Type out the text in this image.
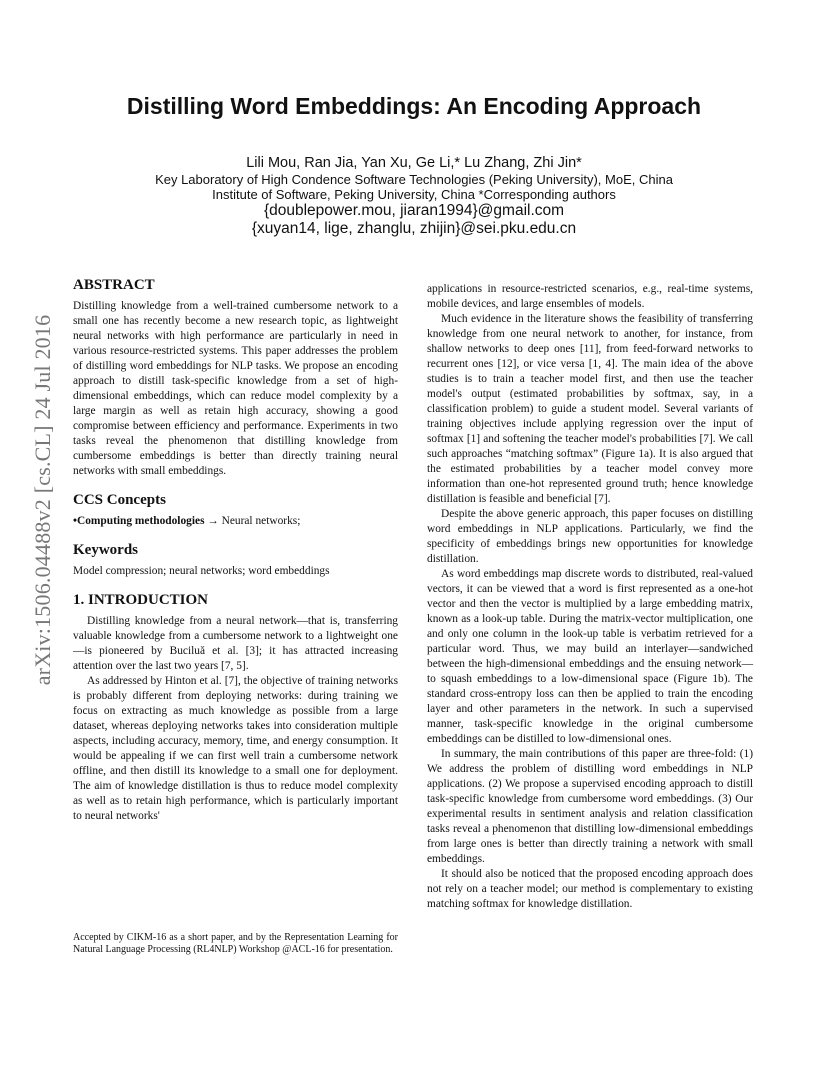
arXiv:1506.04488v2 [cs.CL] 24 Jul 2016
Distilling Word Embeddings: An Encoding Approach
Lili Mou, Ran Jia, Yan Xu, Ge Li,* Lu Zhang, Zhi Jin*
Key Laboratory of High Condence Software Technologies (Peking University), MoE, China
Institute of Software, Peking University, China *Corresponding authors
{doublepower.mou, jiaran1994}@gmail.com
{xuyan14, lige, zhanglu, zhijin}@sei.pku.edu.cn
ABSTRACT

Distilling knowledge from a well-trained cumbersome network to a small one has recently become a new research topic, as lightweight neural networks with high performance are particularly in need in various resource-restricted systems. This paper addresses the problem of distilling word embeddings for NLP tasks. We propose an encoding approach to distill task-specific knowledge from a set of high-dimensional embeddings, which can reduce model complexity by a large margin as well as retain high accuracy, showing a good compromise between efficiency and performance. Experiments in two tasks reveal the phenomenon that distilling knowledge from cumbersome embeddings is better than directly training neural networks with small embeddings.

CCS Concepts

•Computing methodologies → Neural networks;

Keywords

Model compression; neural networks; word embeddings

1. INTRODUCTION

Distilling knowledge from a neural network—that is, transferring valuable knowledge from a cumbersome network to a lightweight one—is pioneered by Buciluǎ et al. [3]; it has attracted increasing attention over the last two years [7, 5].

As addressed by Hinton et al. [7], the objective of training networks is probably different from deploying networks: during training we focus on extracting as much knowledge as possible from a large dataset, whereas deploying networks takes into consideration multiple aspects, including accuracy, memory, time, and energy consumption. It would be appealing if we can first well train a cumbersome network offline, and then distill its knowledge to a small one for deployment. The aim of knowledge distillation is thus to reduce model complexity as well as to retain high performance, which is particularly important to neural networks'

Accepted by CIKM-16 as a short paper, and by the Representation Learning for Natural Language Processing (RL4NLP) Workshop @ACL-16 for presentation.

applications in resource-restricted scenarios, e.g., real-time systems, mobile devices, and large ensembles of models.

Much evidence in the literature shows the feasibility of transferring knowledge from one neural network to another, for instance, from shallow networks to deep ones [11], from feed-forward networks to recurrent ones [12], or vice versa [1, 4]. The main idea of the above studies is to train a teacher model first, and then use the teacher model's output (estimated probabilities by softmax, say, in a classification problem) to guide a student model. Several variants of training objectives include applying regression over the input of softmax [1] and softening the teacher model's probabilities [7]. We call such approaches “matching softmax” (Figure 1a). It is also argued that the estimated probabilities by a teacher model convey more information than one-hot represented ground truth; hence knowledge distillation is feasible and beneficial [7].

Despite the above generic approach, this paper focuses on distilling word embeddings in NLP applications. Particularly, we find the specificity of embeddings brings new opportunities for knowledge distillation.

As word embeddings map discrete words to distributed, real-valued vectors, it can be viewed that a word is first represented as a one-hot vector and then the vector is multiplied by a large embedding matrix, known as a look-up table. During the matrix-vector multiplication, one and only one column in the look-up table is verbatim retrieved for a particular word. Thus, we may build an interlayer—sandwiched between the high-dimensional embeddings and the ensuing network—to squash embeddings to a low-dimensional space (Figure 1b). The standard cross-entropy loss can then be applied to train the encoding layer and other parameters in the network. In such a supervised manner, task-specific knowledge in the original cumbersome embeddings can be distilled to low-dimensional ones.

In summary, the main contributions of this paper are three-fold: (1) We address the problem of distilling word embeddings in NLP applications. (2) We propose a supervised encoding approach to distill task-specific knowledge from cumbersome word embeddings. (3) Our experimental results in sentiment analysis and relation classification tasks reveal a phenomenon that distilling low-dimensional embeddings from large ones is better than directly training a network with small embeddings.

It should also be noticed that the proposed encoding approach does not rely on a teacher model; our method is complementary to existing matching softmax for knowledge distillation.
